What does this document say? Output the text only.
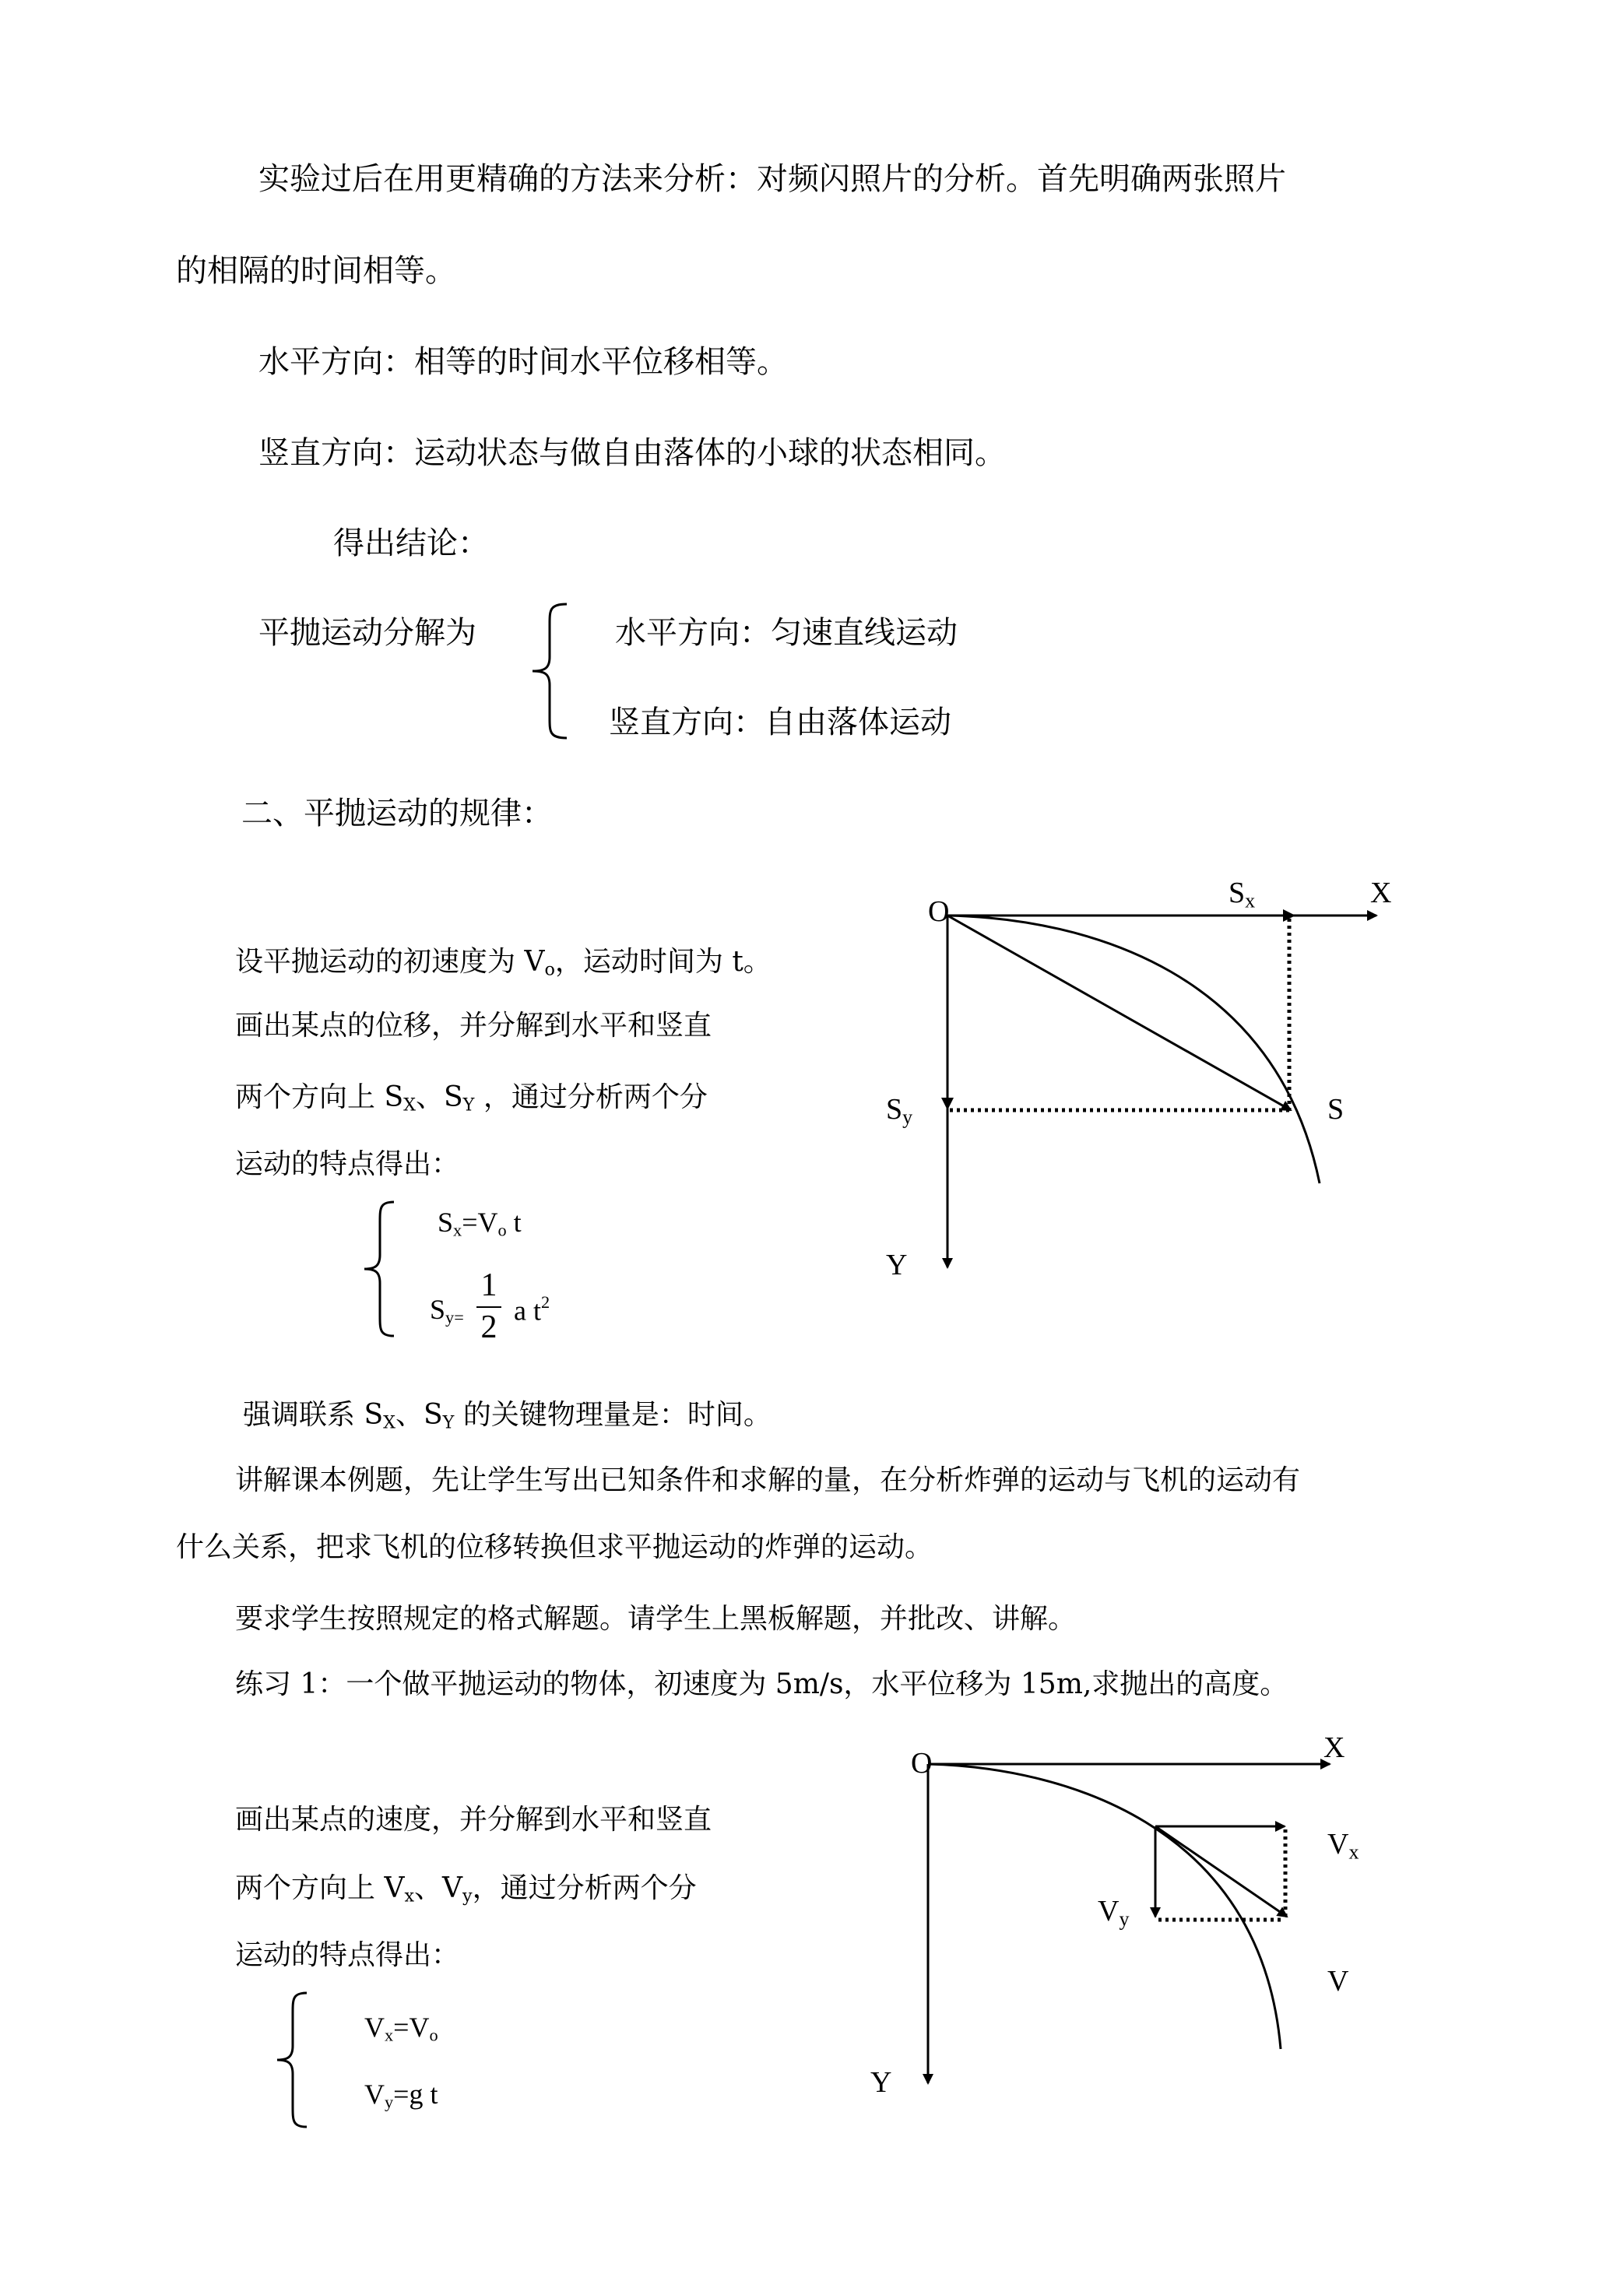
实验过后在用更精确的方法来分析：对频闪照片的分析。首先明确两张照片
的相隔的时间相等。
水平方向：相等的时间水平位移相等。
竖直方向：运动状态与做自由落体的小球的状态相同。
得出结论：
平抛运动分解为	水平方向：匀速直线运动
竖直方向：自由落体运动
二、平抛运动的规律：
设平抛运动的初速度为 $V_o$，运动时间为 t。
画出某点的位移，并分解到水平和竖直
两个方向上 $S_X$、$S_Y$ ，通过分析两个分
运动的特点得出：
$S_x=V_o$ t
$S_{y=}$
1
2 a $t^2$
O
X
Y
$S_x$
$S_y$	S
强调联系 $S_X$、$S_Y$ 的关键物理量是：时间。
讲解课本例题，先让学生写出已知条件和求解的量，在分析炸弹的运动与飞机的运动有
什么关系，把求飞机的位移转换但求平抛运动的炸弹的运动。
要求学生按照规定的格式解题。请学生上黑板解题，并批改、讲解。
练习 1：一个做平抛运动的物体，初速度为 5m/s，水平位移为 15m,求抛出的高度。
画出某点的速度，并分解到水平和竖直
两个方向上 $V_x$、$V_y$，通过分析两个分
运动的特点得出：
$V_x=V_o$
$V_y=g$ t
O	X
Y
$V_x$
$V_y$
V
